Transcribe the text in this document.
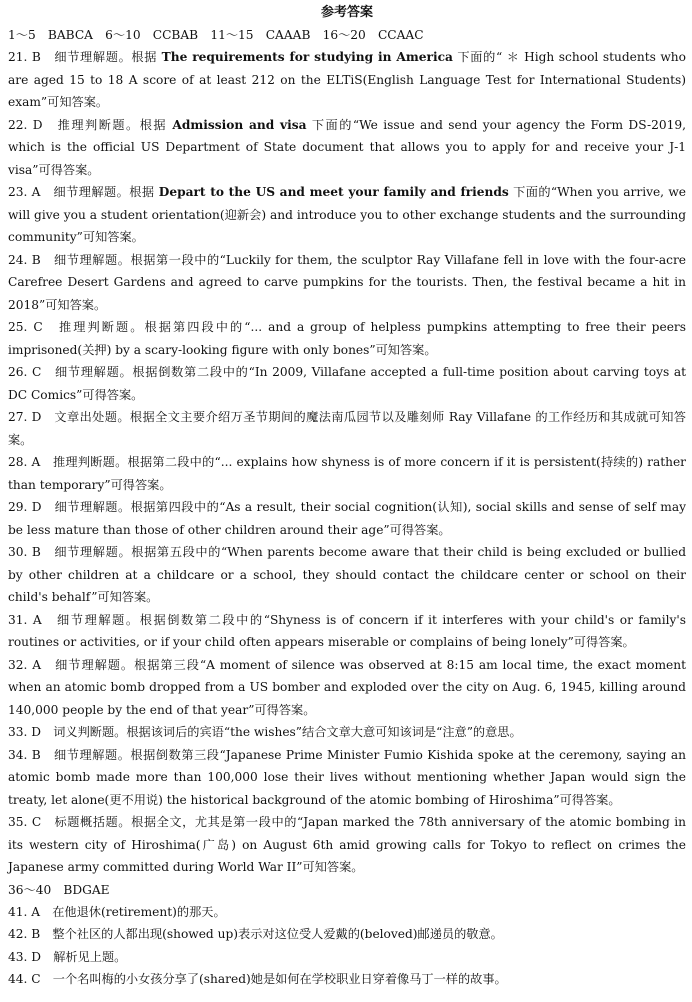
参考答案
1～5　BABCA　6～10　CCBAB　11～15　CAAAB　16～20　CCAAC
21. B　细节理解题。根据 The requirements for studying in America 下面的“ ＊ High school students who are aged 15 to 18 A score of at least 212 on the ELTiS(English Language Test for International Students) exam”可知答案。
22. D　推理判断题。根据 Admission and visa 下面的“We issue and send your agency the Form DS-2019, which is the official US Department of State document that allows you to apply for and receive your J-1 visa”可得答案。
23. A　细节理解题。根据 Depart to the US and meet your family and friends 下面的“When you arrive, we will give you a student orientation(迎新会) and introduce you to other exchange students and the surrounding community”可知答案。
24. B　细节理解题。根据第一段中的“Luckily for them, the sculptor Ray Villafane fell in love with the four-acre Carefree Desert Gardens and agreed to carve pumpkins for the tourists. Then, the festival became a hit in 2018”可知答案。
25. C　推理判断题。根据第四段中的“... and a group of helpless pumpkins attempting to free their peers imprisoned(关押) by a scary-looking figure with only bones”可知答案。
26. C　细节理解题。根据倒数第二段中的“In 2009, Villafane accepted a full-time position about carving toys at DC Comics”可得答案。
27. D　文章出处题。根据全文主要介绍万圣节期间的魔法南瓜园节以及雕刻师 Ray Villafane 的工作经历和其成就可知答案。
28. A　推理判断题。根据第二段中的“... explains how shyness is of more concern if it is persistent(持续的) rather than temporary”可得答案。
29. D　细节理解题。根据第四段中的“As a result, their social cognition(认知), social skills and sense of self may be less mature than those of other children around their age”可得答案。
30. B　细节理解题。根据第五段中的“When parents become aware that their child is being excluded or bullied by other children at a childcare or a school, they should contact the childcare center or school on their child's behalf”可知答案。
31. A　细节理解题。根据倒数第二段中的“Shyness is of concern if it interferes with your child's or family's routines or activities, or if your child often appears miserable or complains of being lonely”可得答案。
32. A　细节理解题。根据第三段“A moment of silence was observed at 8:15 am local time, the exact moment when an atomic bomb dropped from a US bomber and exploded over the city on Aug. 6, 1945, killing around 140,000 people by the end of that year”可得答案。
33. D　词义判断题。根据该词后的宾语“the wishes”结合文章大意可知该词是“注意”的意思。
34. B　细节理解题。根据倒数第三段“Japanese Prime Minister Fumio Kishida spoke at the ceremony, saying an atomic bomb made more than 100,000 lose their lives without mentioning whether Japan would sign the treaty, let alone(更不用说) the historical background of the atomic bombing of Hiroshima”可得答案。
35. C　标题概括题。根据全文，尤其是第一段中的“Japan marked the 78th anniversary of the atomic bombing in its western city of Hiroshima(广岛) on August 6th amid growing calls for Tokyo to reflect on crimes the Japanese army committed during World War II”可知答案。
36～40　BDGAE
41. A　在他退休(retirement)的那天。
42. B　整个社区的人都出现(showed up)表示对这位受人爱戴的(beloved)邮递员的敬意。
43. D　解析见上题。
44. C　一个名叫梅的小女孩分享了(shared)她是如何在学校职业日穿着像马丁一样的故事。
